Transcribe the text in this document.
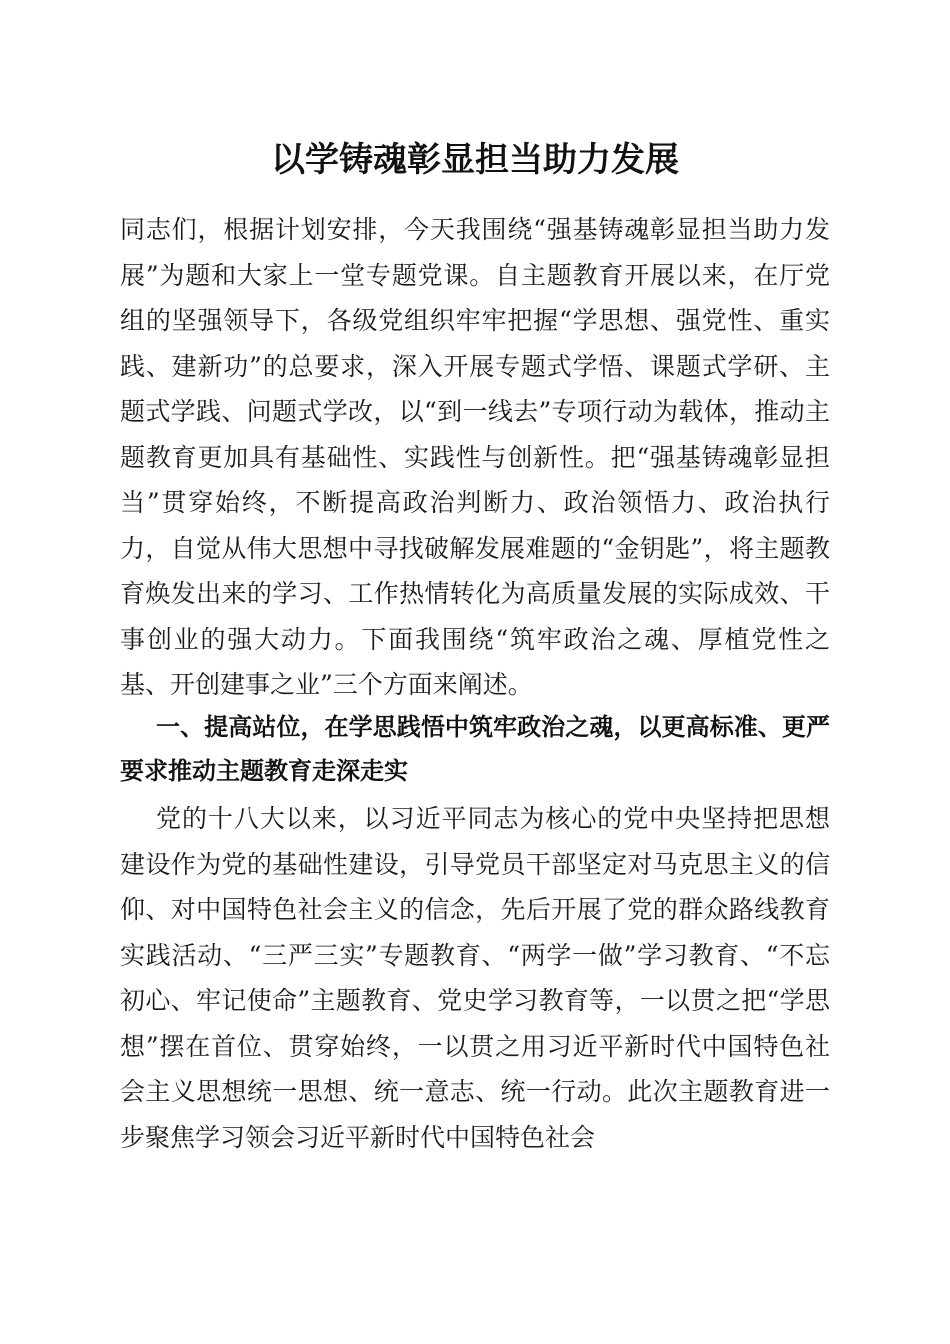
以学铸魂彰显担当助力发展

同志们，根据计划安排，今天我围绕“强基铸魂彰显担当助力发展”为题和大家上一堂专题党课。自主题教育开展以来，在厅党组的坚强领导下，各级党组织牢牢把握“学思想、强党性、重实践、建新功”的总要求，深入开展专题式学悟、课题式学研、主题式学践、问题式学改，以“到一线去”专项行动为载体，推动主题教育更加具有基础性、实践性与创新性。把“强基铸魂彰显担当”贯穿始终，不断提高政治判断力、政治领悟力、政治执行力，自觉从伟大思想中寻找破解发展难题的“金钥匙”，将主题教育焕发出来的学习、工作热情转化为高质量发展的实际成效、干事创业的强大动力。下面我围绕“筑牢政治之魂、厚植党性之基、开创建事之业”三个方面来阐述。

一、提高站位，在学思践悟中筑牢政治之魂，以更高标准、更严要求推动主题教育走深走实

党的十八大以来，以习近平同志为核心的党中央坚持把思想建设作为党的基础性建设，引导党员干部坚定对马克思主义的信仰、对中国特色社会主义的信念，先后开展了党的群众路线教育实践活动、“三严三实”专题教育、“两学一做”学习教育、“不忘初心、牢记使命”主题教育、党史学习教育等，一以贯之把“学思想”摆在首位、贯穿始终，一以贯之用习近平新时代中国特色社会主义思想统一思想、统一意志、统一行动。此次主题教育进一步聚焦学习领会习近平新时代中国特色社会
